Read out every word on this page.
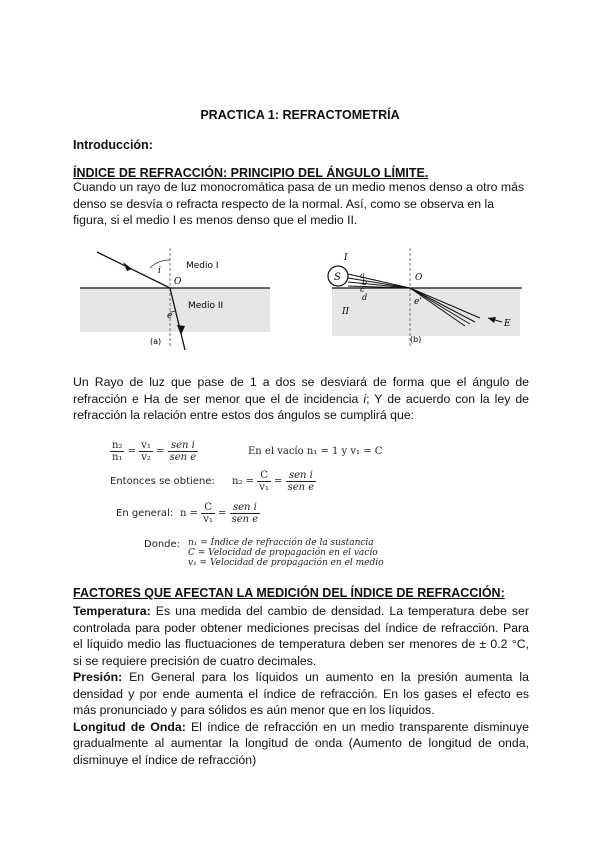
PRACTICA 1: REFRACTOMETRÍA
Introducción:
ÍNDICE DE REFRACCIÓN: PRINCIPIO DEL ÁNGULO LÍMITE.
Cuando un rayo de luz monocromática pasa de un medio menos denso a otro más denso se desvía o refracta respecto de la normal. Así, como se observa en la figura, si el medio I es menos denso que el medio II.
i
O
Medio I
Medio II
e
(a)
S	O
I
II
e'
a
b
c
d
E
(b)
Un Rayo de luz que pase de 1 a dos se desviará de forma que el ángulo de refracción e Ha de ser menor que el de incidencia i; Y de acuerdo con la ley de refracción la relación entre estos dos ángulos se cumplirá que:
$\frac{\text{n₂}}{\text{n₁}} = \frac{\text{v₁}}{\text{v₂}} = \frac{\text{sen i}}{\text{sen e}}$	En el vacío n₁ = 1 y v₁ = C
Entonces se obtiene: $n_2 = \frac{C}{\text{v₁}} = \frac{\text{sen i}}{\text{sen e}}$
En general: $n = \frac{C}{\text{v₁}} = \frac{\text{sen i}}{\text{sen e}}$
Donde: n₁ = Índice de refracción de la sustancia
C = Velocidad de propagación en el vacío
v₁ = Velocidad de propagación en el medio
FACTORES QUE AFECTAN LA MEDICIÓN DEL ÍNDICE DE REFRACCIÓN:
Temperatura: Es una medida del cambio de densidad. La temperatura debe ser controlada para poder obtener mediciones precisas del índice de refracción. Para el líquido medio las fluctuaciones de temperatura deben ser menores de ± 0.2 °C, si se requiere precisión de cuatro decimales.
Presión: En General para los líquidos un aumento en la presión aumenta la densidad y por ende aumenta el índice de refracción. En los gases el efecto es más pronunciado y para sólidos es aún menor que en los líquidos.
Longitud de Onda: El índice de refracción en un medio transparente disminuye gradualmente al aumentar la longitud de onda (Aumento de longitud de onda, disminuye el índice de refracción)
